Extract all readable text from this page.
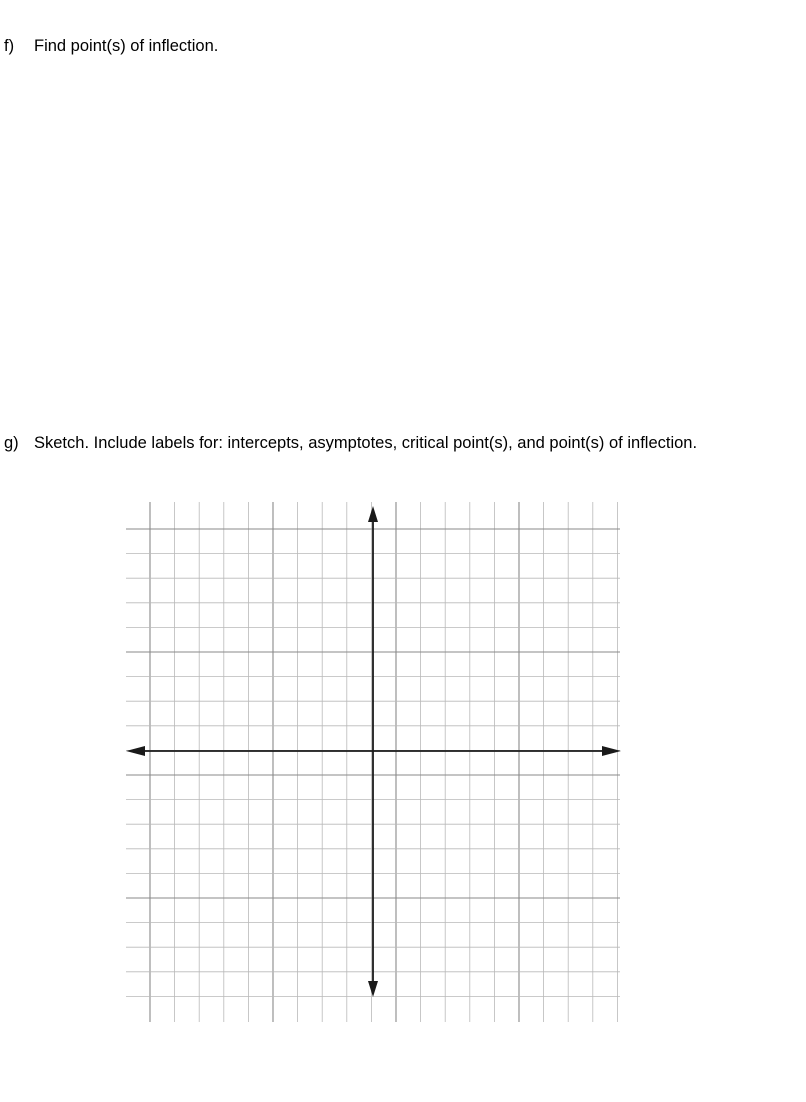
f)	Find point(s) of inflection.
g) Sketch. Include labels for: intercepts, asymptotes, critical point(s), and point(s) of inflection.
